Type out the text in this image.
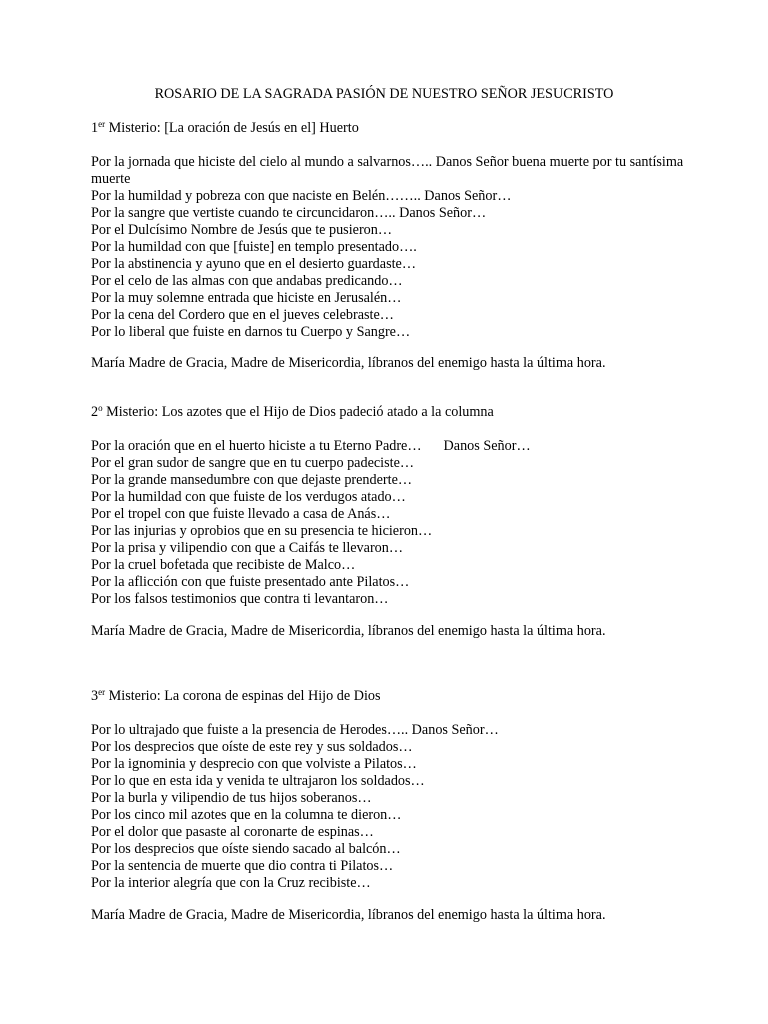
ROSARIO DE LA SAGRADA PASIÓN DE NUESTRO SEÑOR JESUCRISTO
1er Misterio: [La oración de Jesús en el] Huerto
Por la jornada que hiciste del cielo al mundo a salvarnos….. Danos Señor buena muerte por tu santísima muerte
Por la humildad y pobreza con que naciste en Belén…….. Danos Señor…
Por la sangre que vertiste cuando te circuncidaron….. Danos Señor…
Por el Dulcísimo Nombre de Jesús que te pusieron…
Por la humildad con que [fuiste] en templo presentado….
Por la abstinencia y ayuno que en el desierto guardaste…
Por el celo de las almas con que andabas predicando…
Por la muy solemne entrada que hiciste en Jerusalén…
Por la cena del Cordero que en el jueves celebraste…
Por lo liberal que fuiste en darnos tu Cuerpo y Sangre…
María Madre de Gracia, Madre de Misericordia, líbranos del enemigo hasta la última hora.
2$^o$ Misterio: Los azotes que el Hijo de Dios padeció atado a la columna
Por la oración que en el huerto hiciste a tu Eterno Padre… Danos Señor…
Por el gran sudor de sangre que en tu cuerpo padeciste…
Por la grande mansedumbre con que dejaste prenderte…
Por la humildad con que fuiste de los verdugos atado…
Por el tropel con que fuiste llevado a casa de Anás…
Por las injurias y oprobios que en su presencia te hicieron…
Por la prisa y vilipendio con que a Caifás te llevaron…
Por la cruel bofetada que recibiste de Malco…
Por la aflicción con que fuiste presentado ante Pilatos…
Por los falsos testimonios que contra ti levantaron…
María Madre de Gracia, Madre de Misericordia, líbranos del enemigo hasta la última hora.
3er Misterio: La corona de espinas del Hijo de Dios
Por lo ultrajado que fuiste a la presencia de Herodes….. Danos Señor…
Por los desprecios que oíste de este rey y sus soldados…
Por la ignominia y desprecio con que volviste a Pilatos…
Por lo que en esta ida y venida te ultrajaron los soldados…
Por la burla y vilipendio de tus hijos soberanos…
Por los cinco mil azotes que en la columna te dieron…
Por el dolor que pasaste al coronarte de espinas…
Por los desprecios que oíste siendo sacado al balcón…
Por la sentencia de muerte que dio contra ti Pilatos…
Por la interior alegría que con la Cruz recibiste…
María Madre de Gracia, Madre de Misericordia, líbranos del enemigo hasta la última hora.
